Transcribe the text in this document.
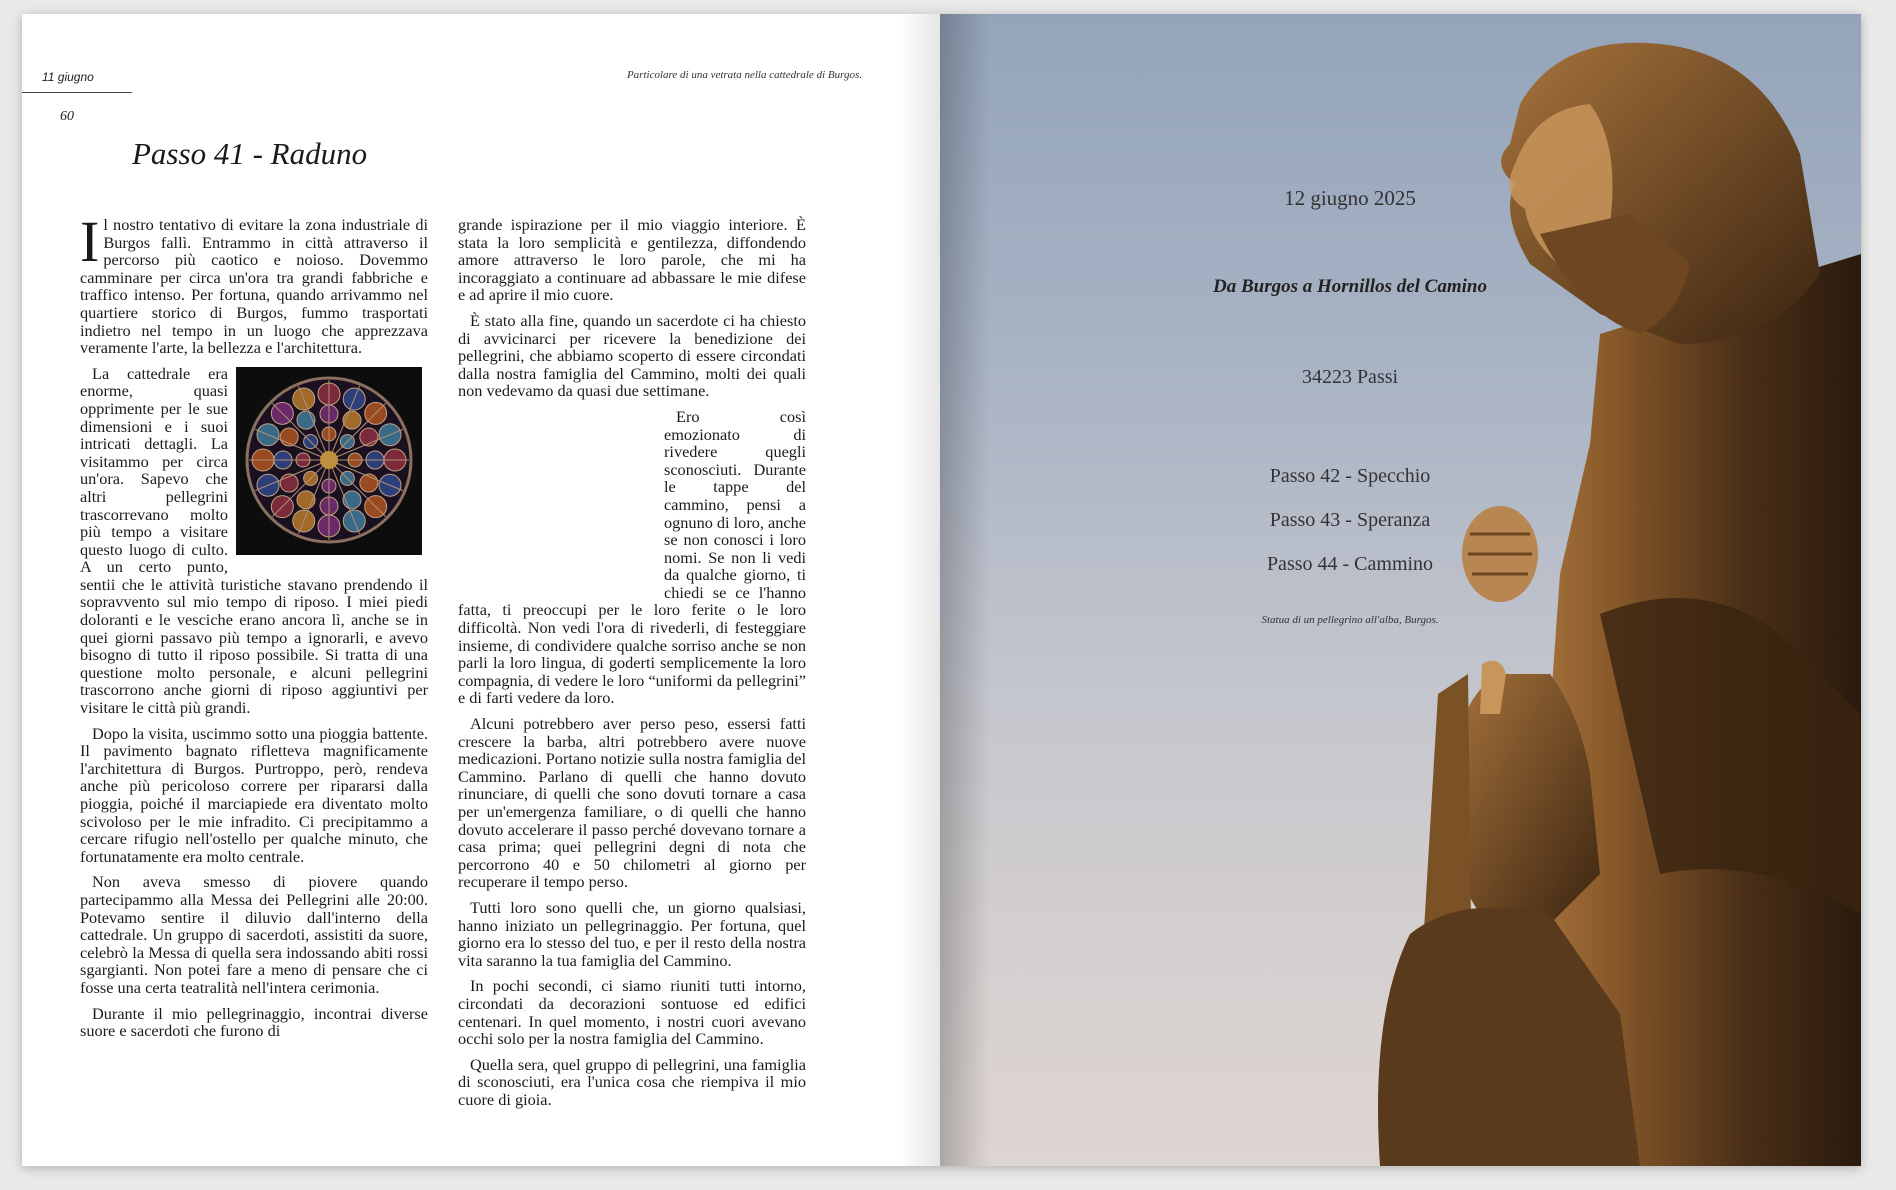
11 giugno	Particolare di una vetrata nella cattedrale di Burgos.
60
Passo 41 - Raduno

Il nostro tentativo di evitare la zona industriale di Burgos fallì. Entrammo in città attraverso il percorso più caotico e noioso. Dovemmo camminare per circa un'ora tra grandi fabbriche e traffico intenso. Per fortuna, quando arrivammo nel quartiere storico di Burgos, fummo trasportati indietro nel tempo in un luogo che apprezzava veramente l'arte, la bellezza e l'architettura.

La cattedrale era enorme, quasi opprimente per le sue dimensioni e i suoi intricati dettagli. La visitammo per circa un'ora. Sapevo che altri pellegrini trascorrevano molto più tempo a visitare questo luogo di culto. A un certo punto, sentii che le attività turistiche stavano prendendo il sopravvento sul mio tempo di riposo. I miei piedi doloranti e le vesciche erano ancora lì, anche se in quei giorni passavo più tempo a ignorarli, e avevo bisogno di tutto il riposo possibile. Si tratta di una questione molto personale, e alcuni pellegrini trascorrono anche giorni di riposo aggiuntivi per visitare le città più grandi.

Dopo la visita, uscimmo sotto una pioggia battente. Il pavimento bagnato rifletteva magnificamente l'architettura di Burgos. Purtroppo, però, rendeva anche più pericoloso correre per ripararsi dalla pioggia, poiché il marciapiede era diventato molto scivoloso per le mie infradito. Ci precipitammo a cercare rifugio nell'ostello per qualche minuto, che fortunatamente era molto centrale.

Non aveva smesso di piovere quando partecipammo alla Messa dei Pellegrini alle 20:00. Potevamo sentire il diluvio dall'interno della cattedrale. Un gruppo di sacerdoti, assistiti da suore, celebrò la Messa di quella sera indossando abiti rossi sgargianti. Non potei fare a meno di pensare che ci fosse una certa teatralità nell'intera cerimonia.

Durante il mio pellegrinaggio, incontrai diverse suore e sacerdoti che furono di

grande ispirazione per il mio viaggio interiore. È stata la loro semplicità e gentilezza, diffondendo amore attraverso le loro parole, che mi ha incoraggiato a continuare ad abbassare le mie difese e ad aprire il mio cuore.

È stato alla fine, quando un sacerdote ci ha chiesto di avvicinarci per ricevere la benedizione dei pellegrini, che abbiamo scoperto di essere circondati dalla nostra famiglia del Cammino, molti dei quali non vedevamo da quasi due settimane.

Ero così emozionato di rivedere quegli sconosciuti. Durante le tappe del cammino, pensi a ognuno di loro, anche se non conosci i loro nomi. Se non li vedi da qualche giorno, ti chiedi se ce l'hanno fatta, ti preoccupi per le loro ferite o le loro difficoltà. Non vedi l'ora di rivederli, di festeggiare insieme, di condividere qualche sorriso anche se non parli la loro lingua, di goderti semplicemente la loro compagnia, di vedere le loro “uniformi da pellegrini” e di farti vedere da loro.

Alcuni potrebbero aver perso peso, essersi fatti crescere la barba, altri potrebbero avere nuove medicazioni. Portano notizie sulla nostra famiglia del Cammino. Parlano di quelli che hanno dovuto rinunciare, di quelli che sono dovuti tornare a casa per un'emergenza familiare, o di quelli che hanno dovuto accelerare il passo perché dovevano tornare a casa prima; quei pellegrini degni di nota che percorrono 40 e 50 chilometri al giorno per recuperare il tempo perso.

Tutti loro sono quelli che, un giorno qualsiasi, hanno iniziato un pellegrinaggio. Per fortuna, quel giorno era lo stesso del tuo, e per il resto della nostra vita saranno la tua famiglia del Cammino.

In pochi secondi, ci siamo riuniti tutti intorno, circondati da decorazioni sontuose ed edifici centenari. In quel momento, i nostri cuori avevano occhi solo per la nostra famiglia del Cammino.

Quella sera, quel gruppo di pellegrini, una famiglia di sconosciuti, era l'unica cosa che riempiva il mio cuore di gioia.

12 giugno 2025
Da Burgos a Hornillos del Camino
34223 Passi
Passo 42 - Specchio
Passo 43 - Speranza
Passo 44 - Cammino
Statua di un pellegrino all'alba, Burgos.
